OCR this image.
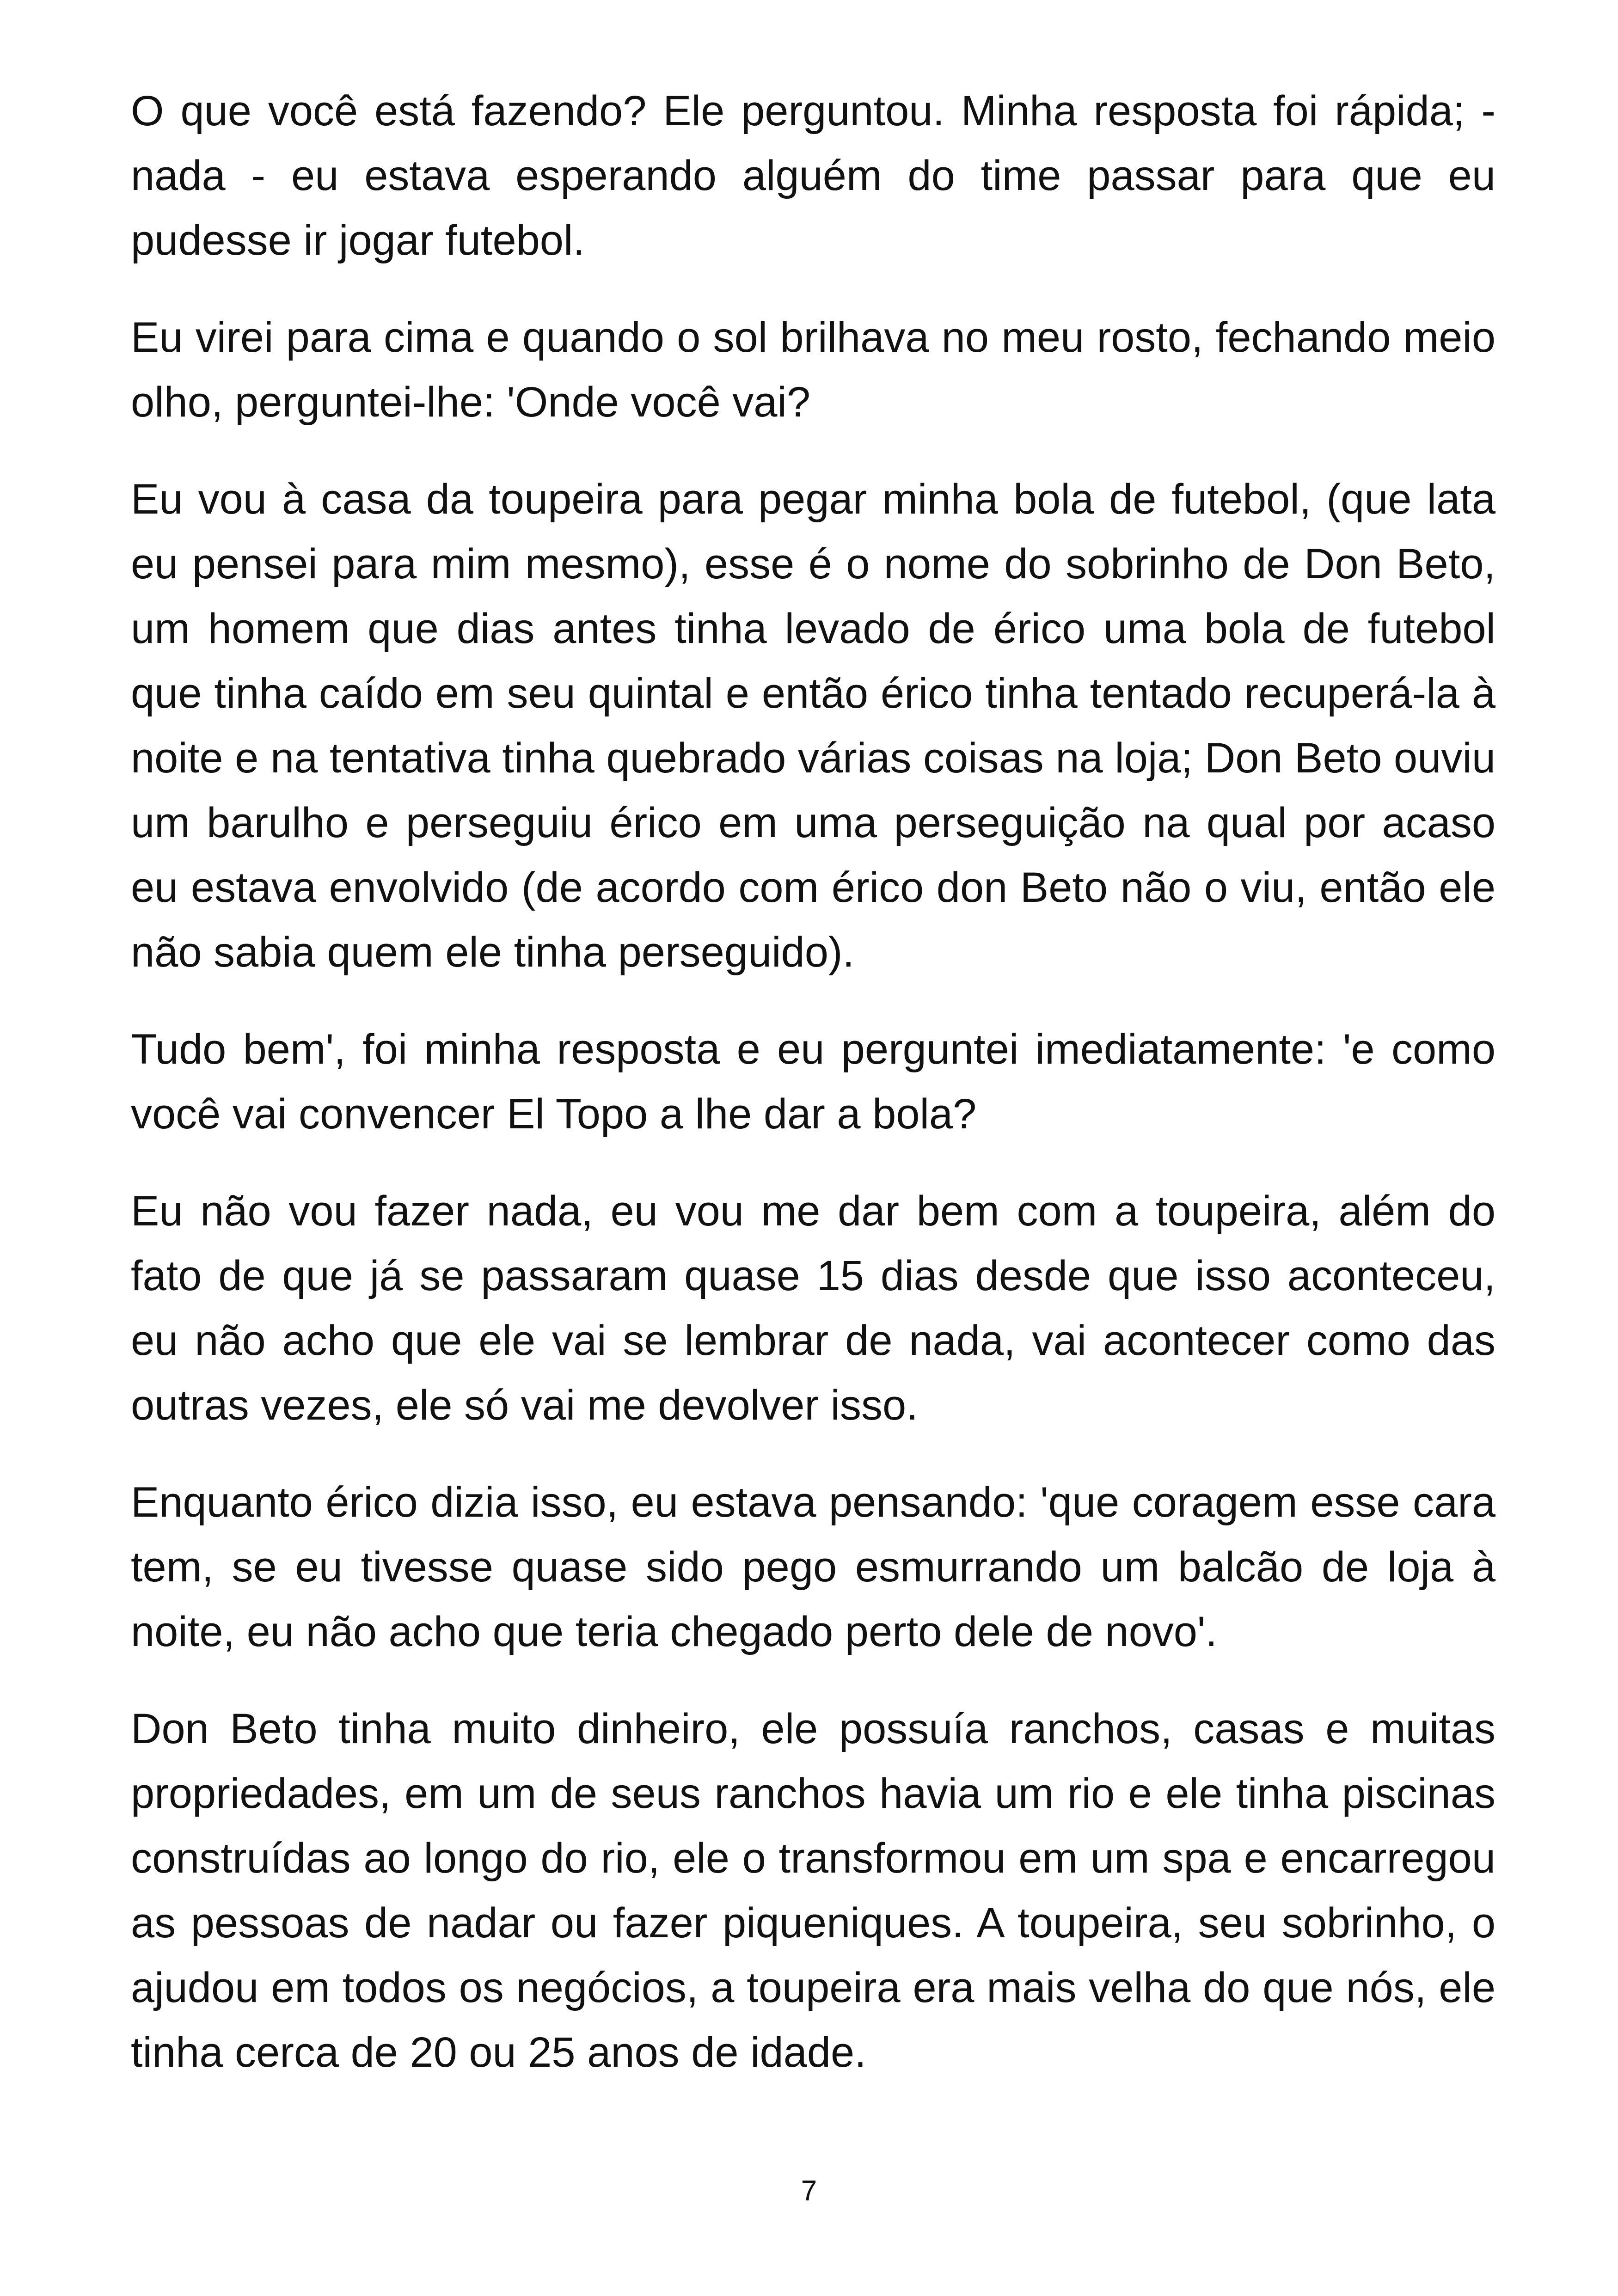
O que você está fazendo? Ele perguntou. Minha resposta foi rápida; - nada - eu estava esperando alguém do time passar para que eu pudesse ir jogar futebol.

Eu virei para cima e quando o sol brilhava no meu rosto, fechando meio olho, perguntei-lhe: 'Onde você vai?

Eu vou à casa da toupeira para pegar minha bola de futebol, (que lata eu pensei para mim mesmo), esse é o nome do sobrinho de Don Beto, um homem que dias antes tinha levado de érico uma bola de futebol que tinha caído em seu quintal e então érico tinha tentado recuperá-la à noite e na tentativa tinha quebrado várias coisas na loja; Don Beto ouviu um barulho e perseguiu érico em uma perseguição na qual por acaso eu estava envolvido (de acordo com érico don Beto não o viu, então ele não sabia quem ele tinha perseguido).

Tudo bem', foi minha resposta e eu perguntei imediatamente: 'e como você vai convencer El Topo a lhe dar a bola?

Eu não vou fazer nada, eu vou me dar bem com a toupeira, além do fato de que já se passaram quase 15 dias desde que isso aconteceu, eu não acho que ele vai se lembrar de nada, vai acontecer como das outras vezes, ele só vai me devolver isso.

Enquanto érico dizia isso, eu estava pensando: 'que coragem esse cara tem, se eu tivesse quase sido pego esmurrando um balcão de loja à noite, eu não acho que teria chegado perto dele de novo'.

Don Beto tinha muito dinheiro, ele possuía ranchos, casas e muitas propriedades, em um de seus ranchos havia um rio e ele tinha piscinas construídas ao longo do rio, ele o transformou em um spa e encarregou as pessoas de nadar ou fazer piqueniques. A toupeira, seu sobrinho, o ajudou em todos os negócios, a toupeira era mais velha do que nós, ele tinha cerca de 20 ou 25 anos de idade.

7
